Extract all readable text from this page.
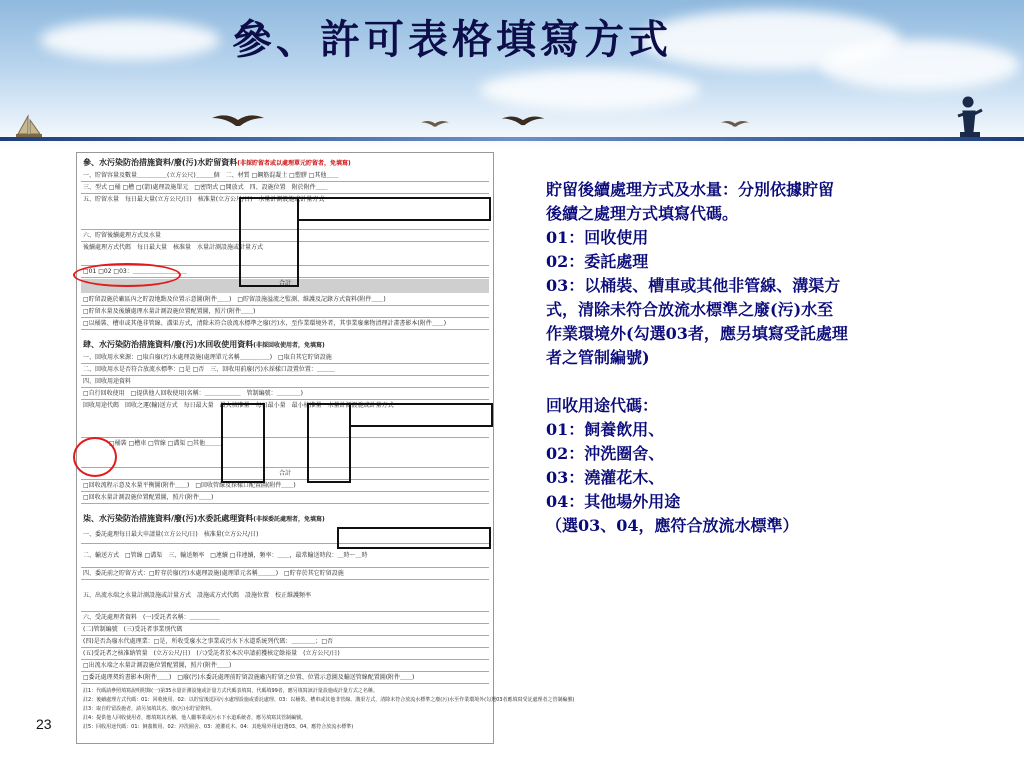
參、許可表格填寫方式
參、水污染防治措施資料/廢(污)水貯留資料(非採貯留者或以處理單元貯留者，免填寫)
一、貯留容量及數量＿＿＿＿＿(立方公尺)＿＿＿個　二、材質 □鋼筋混凝土 □塑膠 □其他＿＿
三、型式 □桶 □槽 □(箭)處理設施單元　□密閉式 □開放式　四、設施位置　附於附件＿＿
五、貯留水量　每日最大量(立方公尺/日)　核准量(立方公尺/日)　水量計測設施或計量方式
六、貯留後續處理方式及水量
後續處理方式代碼　每日最大量　核准量　水量計測設施或計量方式
□01 □02 □03：＿＿＿＿＿＿＿＿＿
合計
□貯留設施於廠區內之貯設地點及位置示意圖(附件＿＿)　□貯留設施溢流之監測、維護及記錄方式資料(附件＿＿)
□貯留水量及後續處理水量計測設施位置配置圖，照片(附件＿＿)
□以桶裝、槽車或其他非管線、溝渠方式，清除未符合放流水標準之廢(污)水，至作業環境外者，其事業廢棄物清理計畫書影本(附件＿＿)
肆、水污染防治措施資料/廢(污)水回收使用資料(非採回收使用者，免填寫)
一、回收用水來源：□取自廢(污)水處理設施(處理單元名稱＿＿＿＿＿)　□取自其它貯留設施
二、回收用水是否符合放流水標準：□是 □否　三、回收用前廢(污)水採樣口設置位置：＿＿＿
四、回收用途資料
□自行回收使用　□提供他人回收使用(名稱：＿＿＿＿＿＿　管制編號：＿＿＿＿)
回收用途代碼　回收之運(輸)送方式　每日最大量　最大核准量　每日最小量　最小核准量　水量計測設施或計量方式
□桶裝 □槽車 □管線 □溝渠 □其他＿＿＿
合計
□回收流程示意及水量平衡圖(附件＿＿)　□回收管線及採樣口配置圖(附件＿＿)
□回收水量計測設施位置配置圖，照片(附件＿＿)
柒、水污染防治措施資料/廢(污)水委託處理資料(非採委託處理者，免填寫)
一、委託處理每日最大申請量(立方公尺/日)　核准量(立方公尺/日)
二、輸送方式　□管線 □溝渠　三、輸送頻率　□連續 □非連續，頻率：＿＿，最常輸送時段：＿時～＿時
四、委託前之貯留方式：□貯存於廢(污)水處理設施(處理單元名稱＿＿＿)　□貯存於其它貯留設施
五、出流水端之水量計測設施或計量方式　設施或方式代碼　設施位置　校正維護頻率
六、受託處理者資料　(一)受託者名稱：＿＿＿＿＿
(二)管制編號　(三)受託者事業別代碼
(四)是否為廢水代處理業：□是，所收受廢水之事業或污水下水道系統列代碼：＿＿＿＿；□否
(五)受託者之核准納管量　(立方公尺/日)　(六)受託者於本次申請前獲核定餘裕量　(立方公尺/日)
□出流水端之水量計測設施位置配置圖，照片(附件＿＿)
□委託處理契約書影本(附件＿＿)　□廢(污)水委託處理前貯留設施廠內貯留之位置、位置示意圖及輸送管線配置圖(附件＿＿)
註1：代碼請參照填寫說明附錄(一)第35水量計測設施或計量方式代碼表填寫，代碼填99者，應另填寫該計量設施或計量方式之名稱。
註2：後續處理方式代碼：01：回收使用、02：以貯留後逕回污水處理設施或委託處理、03：以桶裝、槽車或其他非管線、溝渠方式，清除未符合放流水標準之廢(污)水至作業環境外(勾選03者應填寫受託處理者之管制編號)
註3：取自貯留設施者，請另加填其名、廢(污)水貯留資料。
註4：提供他人回收使用者，應填寫其名稱，他人屬事業或污水下水道系統者，應另填寫其管制編號。
註5：回收用途代碼：01：飼養飲用、02：沖洗圈舍、03：澆灌花木、04：其他場外用途(選03、04，應符合放流水標準)

貯留後續處理方式及水量：分別依據貯留

後續之處理方式填寫代碼。

01：回收使用

02：委託處理

03：以桶裝、槽車或其他非管線、溝渠方

式，清除未符合放流水標準之廢(污)水至

作業環境外(勾選03者，應另填寫受託處理

者之管制編號)

回收用途代碼：

01：飼養飲用、

02：沖洗圈舍、

03：澆灌花木、

04：其他場外用途

（選03、04，應符合放流水標準）

23
